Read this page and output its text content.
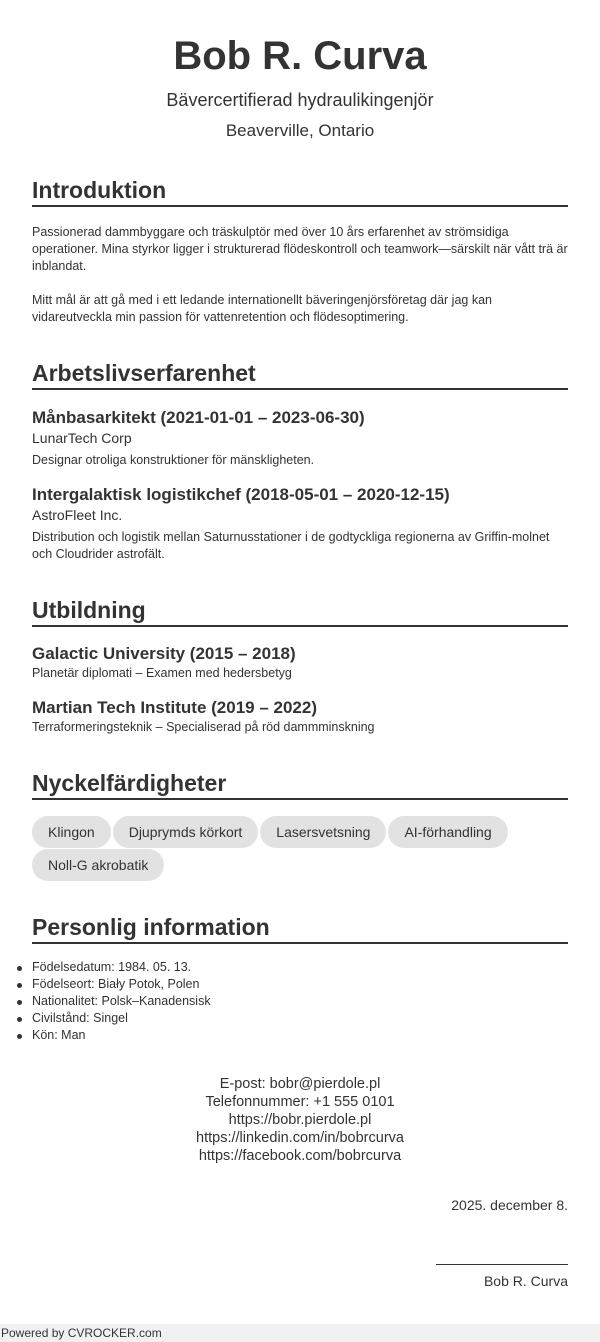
Bob R. Curva
Bävercertifierad hydraulikingenjör
Beaverville, Ontario
Introduktion

Passionerad dammbyggare och träskulptör med över 10 års erfarenhet av strömsidiga operationer. Mina styrkor ligger i strukturerad flödeskontroll och teamwork—särskilt när vått trä är inblandat.

Mitt mål är att gå med i ett ledande internationellt bäveringenjörsföretag där jag kan vidareutveckla min passion för vattenretention och flödesoptimering.

Arbetslivserfarenhet
Månbasarkitekt (2021-01-01 – 2023-06-30)
LunarTech Corp
Designar otroliga konstruktioner för mänskligheten.
Intergalaktisk logistikchef (2018-05-01 – 2020-12-15)
AstroFleet Inc.
Distribution och logistik mellan Saturnusstationer i de godtyckliga regionerna av Griffin-molnet och Cloudrider astrofält.
Utbildning
Galactic University (2015 – 2018)
Planetär diplomati – Examen med hedersbetyg
Martian Tech Institute (2019 – 2022)
Terraformeringsteknik – Specialiserad på röd dammminskning
Nyckelfärdigheter
Klingon	Djuprymds körkort	Lasersvetsning	AI-förhandling
Noll-G akrobatik
Personlig information
Födelsedatum: 1984. 05. 13.
Födelseort: Biały Potok, Polen
Nationalitet: Polsk–Kanadensisk
Civilstånd: Singel
Kön: Man
E-post: bobr@pierdole.pl
Telefonnummer: +1 555 0101
https://bobr.pierdole.pl
https://linkedin.com/in/bobrcurva
https://facebook.com/bobrcurva
2025. december 8.
Bob R. Curva
Powered by CVROCKER.com
